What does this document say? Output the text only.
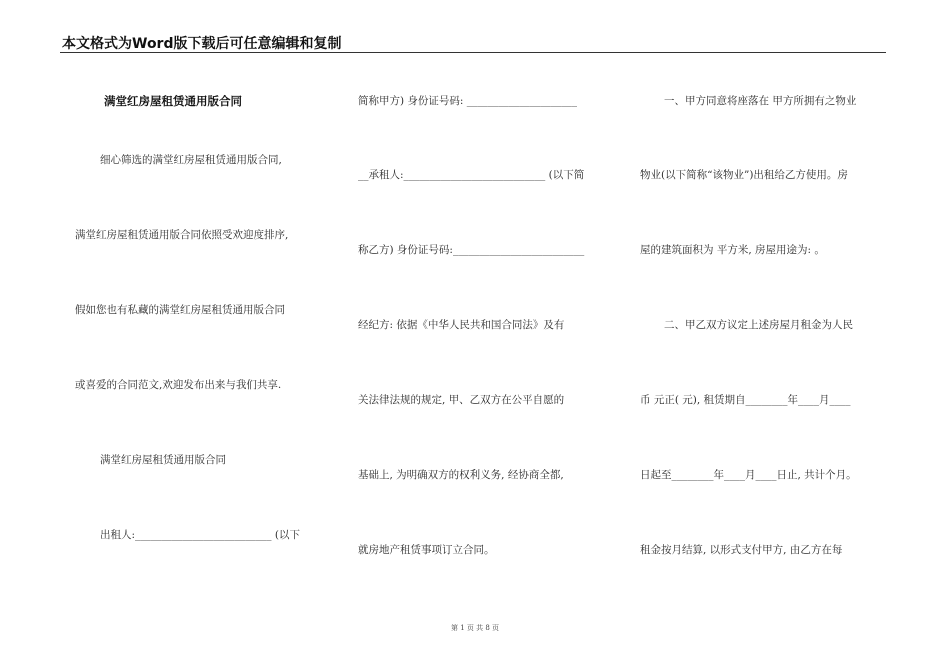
本文格式为Word版下载后可任意编辑和复制
满堂红房屋租赁通用版合同
细心筛选的满堂红房屋租赁通用版合同,
满堂红房屋租赁通用版合同依照受欢迎度排序,
假如您也有私藏的满堂红房屋租赁通用版合同
或喜爱的合同范文,欢迎发布出来与我们共享.
满堂红房屋租赁通用版合同
出租人:__________________________ (以下
简称甲方) 身份证号码: _____________________
__承租人:___________________________ (以下简
称乙方) 身份证号码:_________________________
经纪方: 依据《中华人民共和国合同法》及有
关法律法规的规定, 甲、乙双方在公平自愿的
基础上, 为明确双方的权利义务, 经协商全都,
就房地产租赁事项订立合同。
一、甲方同意将座落在 甲方所拥有之物业
物业(以下简称“该物业”)出租给乙方使用。房
屋的建筑面积为 平方米, 房屋用途为: 。
二、甲乙双方议定上述房屋月租金为人民
币 元正( 元), 租赁期自________年____月____
日起至________年____月____日止, 共计个月。
租金按月结算, 以形式支付甲方, 由乙方在每
第 1 页 共 8 页
